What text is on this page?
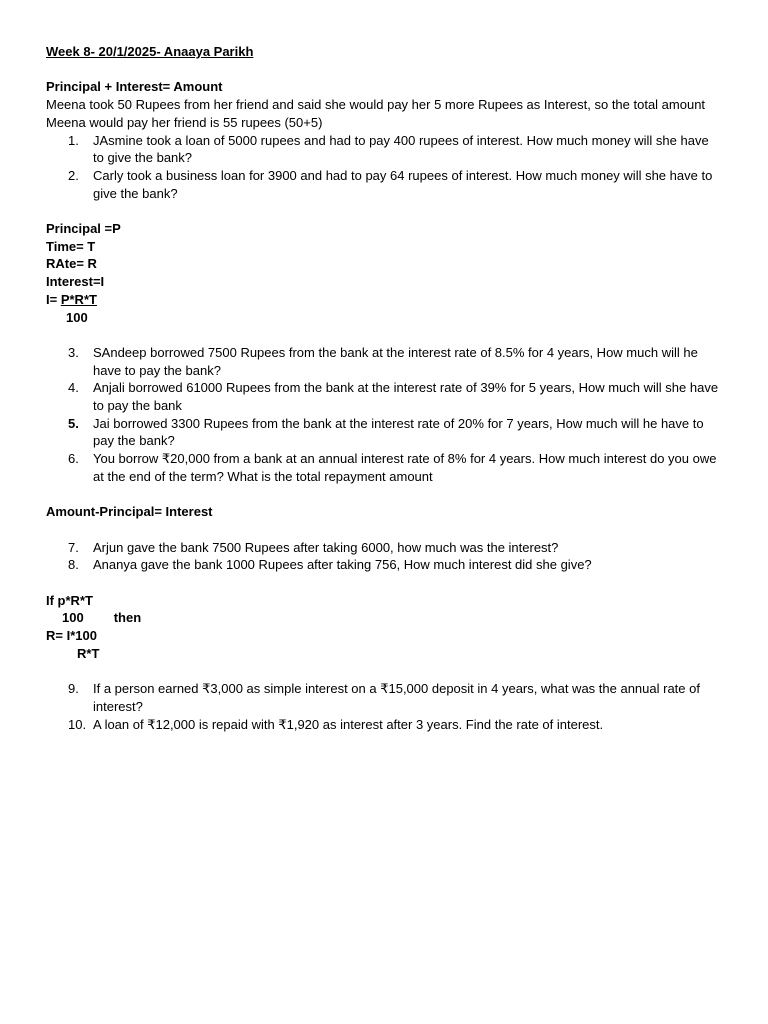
Week 8- 20/1/2025- Anaaya Parikh

Principal + Interest= Amount

Meena took 50 Rupees from her friend and said she would pay her 5 more Rupees as Interest, so the total amount Meena would pay her friend is 55 rupees (50+5)

1.	JAsmine took a loan of 5000 rupees and had to pay 400 rupees of interest. How much money will she have to give the bank?
2.	Carly took a business loan for 3900 and had to pay 64 rupees of interest. How much money will she have to give the bank?

Principal =P

Time= T

RAte= R

Interest=I

I= P*R*T

100

3.	SAndeep borrowed 7500 Rupees from the bank at the interest rate of 8.5% for 4 years, How much will he have to pay the bank?
4.	Anjali borrowed 61000 Rupees from the bank at the interest rate of 39% for 5 years, How much will she have to pay the bank
5.	Jai borrowed 3300 Rupees from the bank at the interest rate of 20% for 7 years, How much will he have to pay the bank?
6.	You borrow ₹20,000 from a bank at an annual interest rate of 8% for 4 years. How much interest do you owe at the end of the term? What is the total repayment amount

Amount-Principal= Interest

7.	Arjun gave the bank 7500 Rupees after taking 6000, how much was the interest?
8.	Ananya gave the bank 1000 Rupees after taking 756, How much interest did she give?

If p*R*T

100 then

R= I*100

R*T

9.	If a person earned ₹3,000 as simple interest on a ₹15,000 deposit in 4 years, what was the annual rate of interest?
10. A loan of ₹12,000 is repaid with ₹1,920 as interest after 3 years. Find the rate of interest.
